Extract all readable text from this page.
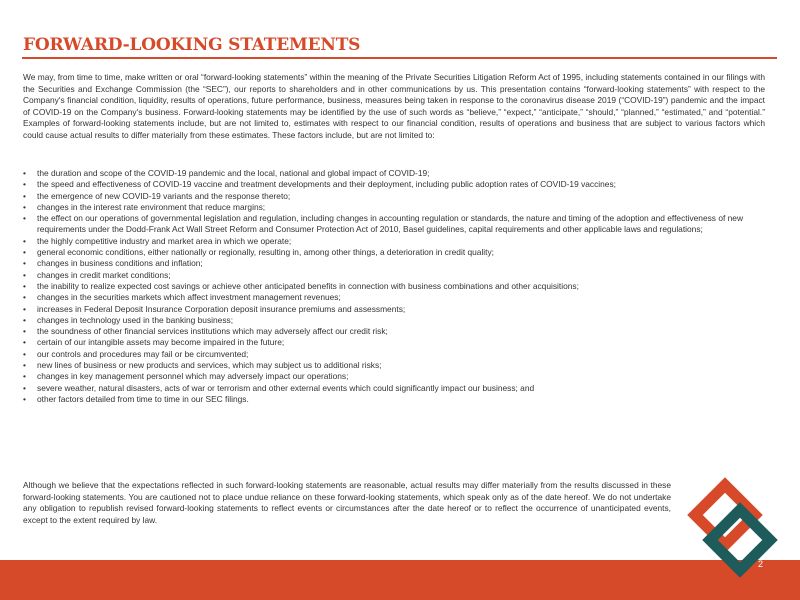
FORWARD-LOOKING STATEMENTS

We may, from time to time, make written or oral “forward-looking statements” within the meaning of the Private Securities Litigation Reform Act of 1995, including statements contained in our filings with the Securities and Exchange Commission (the “SEC”), our reports to shareholders and in other communications by us. This presentation contains “forward-looking statements” with respect to the Company's financial condition, liquidity, results of operations, future performance, business, measures being taken in response to the coronavirus disease 2019 (“COVID-19”) pandemic and the impact of COVID-19 on the Company's business. Forward-looking statements may be identified by the use of such words as “believe,” “expect,” “anticipate,” “should,” “planned,” “estimated,” and “potential.” Examples of forward-looking statements include, but are not limited to, estimates with respect to our financial condition, results of operations and business that are subject to various factors which could cause actual results to differ materially from these estimates. These factors include, but are not limited to:

• the duration and scope of the COVID-19 pandemic and the local, national and global impact of COVID-19;
• the speed and effectiveness of COVID-19 vaccine and treatment developments and their deployment, including public adoption rates of COVID-19 vaccines;
• the emergence of new COVID-19 variants and the response thereto;
• changes in the interest rate environment that reduce margins;
• the effect on our operations of governmental legislation and regulation, including changes in accounting regulation or standards, the nature and timing of the adoption and effectiveness of new requirements under the Dodd-Frank Act Wall Street Reform and Consumer Protection Act of 2010, Basel guidelines, capital requirements and other applicable laws and regulations;
• the highly competitive industry and market area in which we operate;
• general economic conditions, either nationally or regionally, resulting in, among other things, a deterioration in credit quality;
• changes in business conditions and inflation;
• changes in credit market conditions;
• the inability to realize expected cost savings or achieve other anticipated benefits in connection with business combinations and other acquisitions;
• changes in the securities markets which affect investment management revenues;
• increases in Federal Deposit Insurance Corporation deposit insurance premiums and assessments;
• changes in technology used in the banking business;
• the soundness of other financial services institutions which may adversely affect our credit risk;
• certain of our intangible assets may become impaired in the future;
• our controls and procedures may fail or be circumvented;
• new lines of business or new products and services, which may subject us to additional risks;
• changes in key management personnel which may adversely impact our operations;
• severe weather, natural disasters, acts of war or terrorism and other external events which could significantly impact our business; and
• other factors detailed from time to time in our SEC filings.

Although we believe that the expectations reflected in such forward-looking statements are reasonable, actual results may differ materially from the results discussed in these forward-looking statements. You are cautioned not to place undue reliance on these forward-looking statements, which speak only as of the date hereof. We do not undertake any obligation to republish revised forward-looking statements to reflect events or circumstances after the date hereof or to reflect the occurrence of unanticipated events, except to the extent required by law.

2
